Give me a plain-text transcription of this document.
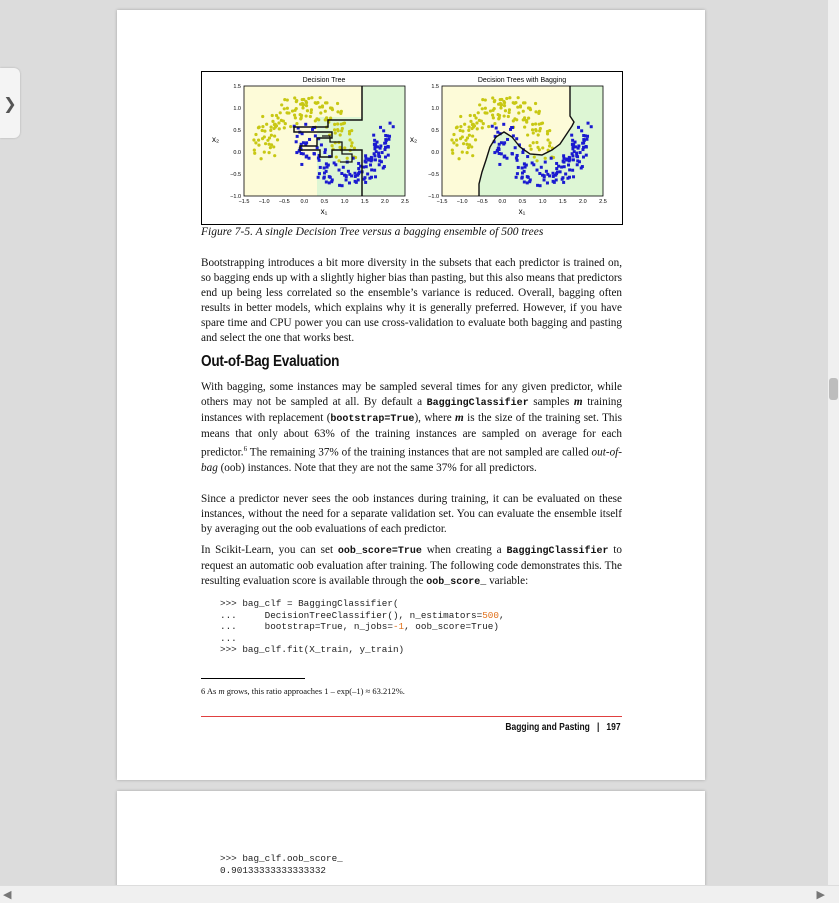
❯
Decision Tree
x₁
x₂
−1.5 −1.0 −0.5 0.0 0.5 1.0 1.5 2.0 2.5
1.5
1.0
0.5
0.0
−0.5
−1.0
Decision Trees with Bagging
x₁
x₂
−1.5 −1.0 −0.5 0.0 0.5 1.0 1.5 2.0 2.5
1.5
1.0
0.5
0.0
−0.5
−1.0
Figure 7-5. A single Decision Tree versus a bagging ensemble of 500 trees

Bootstrapping introduces a bit more diversity in the subsets that each predictor is trained on, so bagging ends up with a slightly higher bias than pasting, but this also means that predictors end up being less correlated so the ensemble’s variance is reduced. Overall, bagging often results in better models, which explains why it is generally preferred. However, if you have spare time and CPU power you can use cross-validation to evaluate both bagging and pasting and select the one that works best.

Out-of-Bag Evaluation

With bagging, some instances may be sampled several times for any given predictor, while others may not be sampled at all. By default a BaggingClassifier samples m training instances with replacement (bootstrap=True), where m is the size of the training set. This means that only about 63% of the training instances are sampled on average for each predictor.$^6$ The remaining 37% of the training instances that are not sampled are called out-of-bag (oob) instances. Note that they are not the same 37% for all predictors.

Since a predictor never sees the oob instances during training, it can be evaluated on these instances, without the need for a separate validation set. You can evaluate the ensemble itself by averaging out the oob evaluations of each predictor.

In Scikit-Learn, you can set oob_score=True when creating a BaggingClassifier to request an automatic oob evaluation after training. The following code demonstrates this. The resulting evaluation score is available through the oob_score_ variable:

>>> bag_clf = BaggingClassifier(
...     DecisionTreeClassifier(), n_estimators=500,
...     bootstrap=True, n_jobs=-1, oob_score=True)
...
>>> bag_clf.fit(X_train, y_train)
6 As m grows, this ratio approaches 1 – exp(–1) ≈ 63.212%.
Bagging and Pasting   |   197
>>> bag_clf.oob_score_
0.90133333333333332
◀	▶
